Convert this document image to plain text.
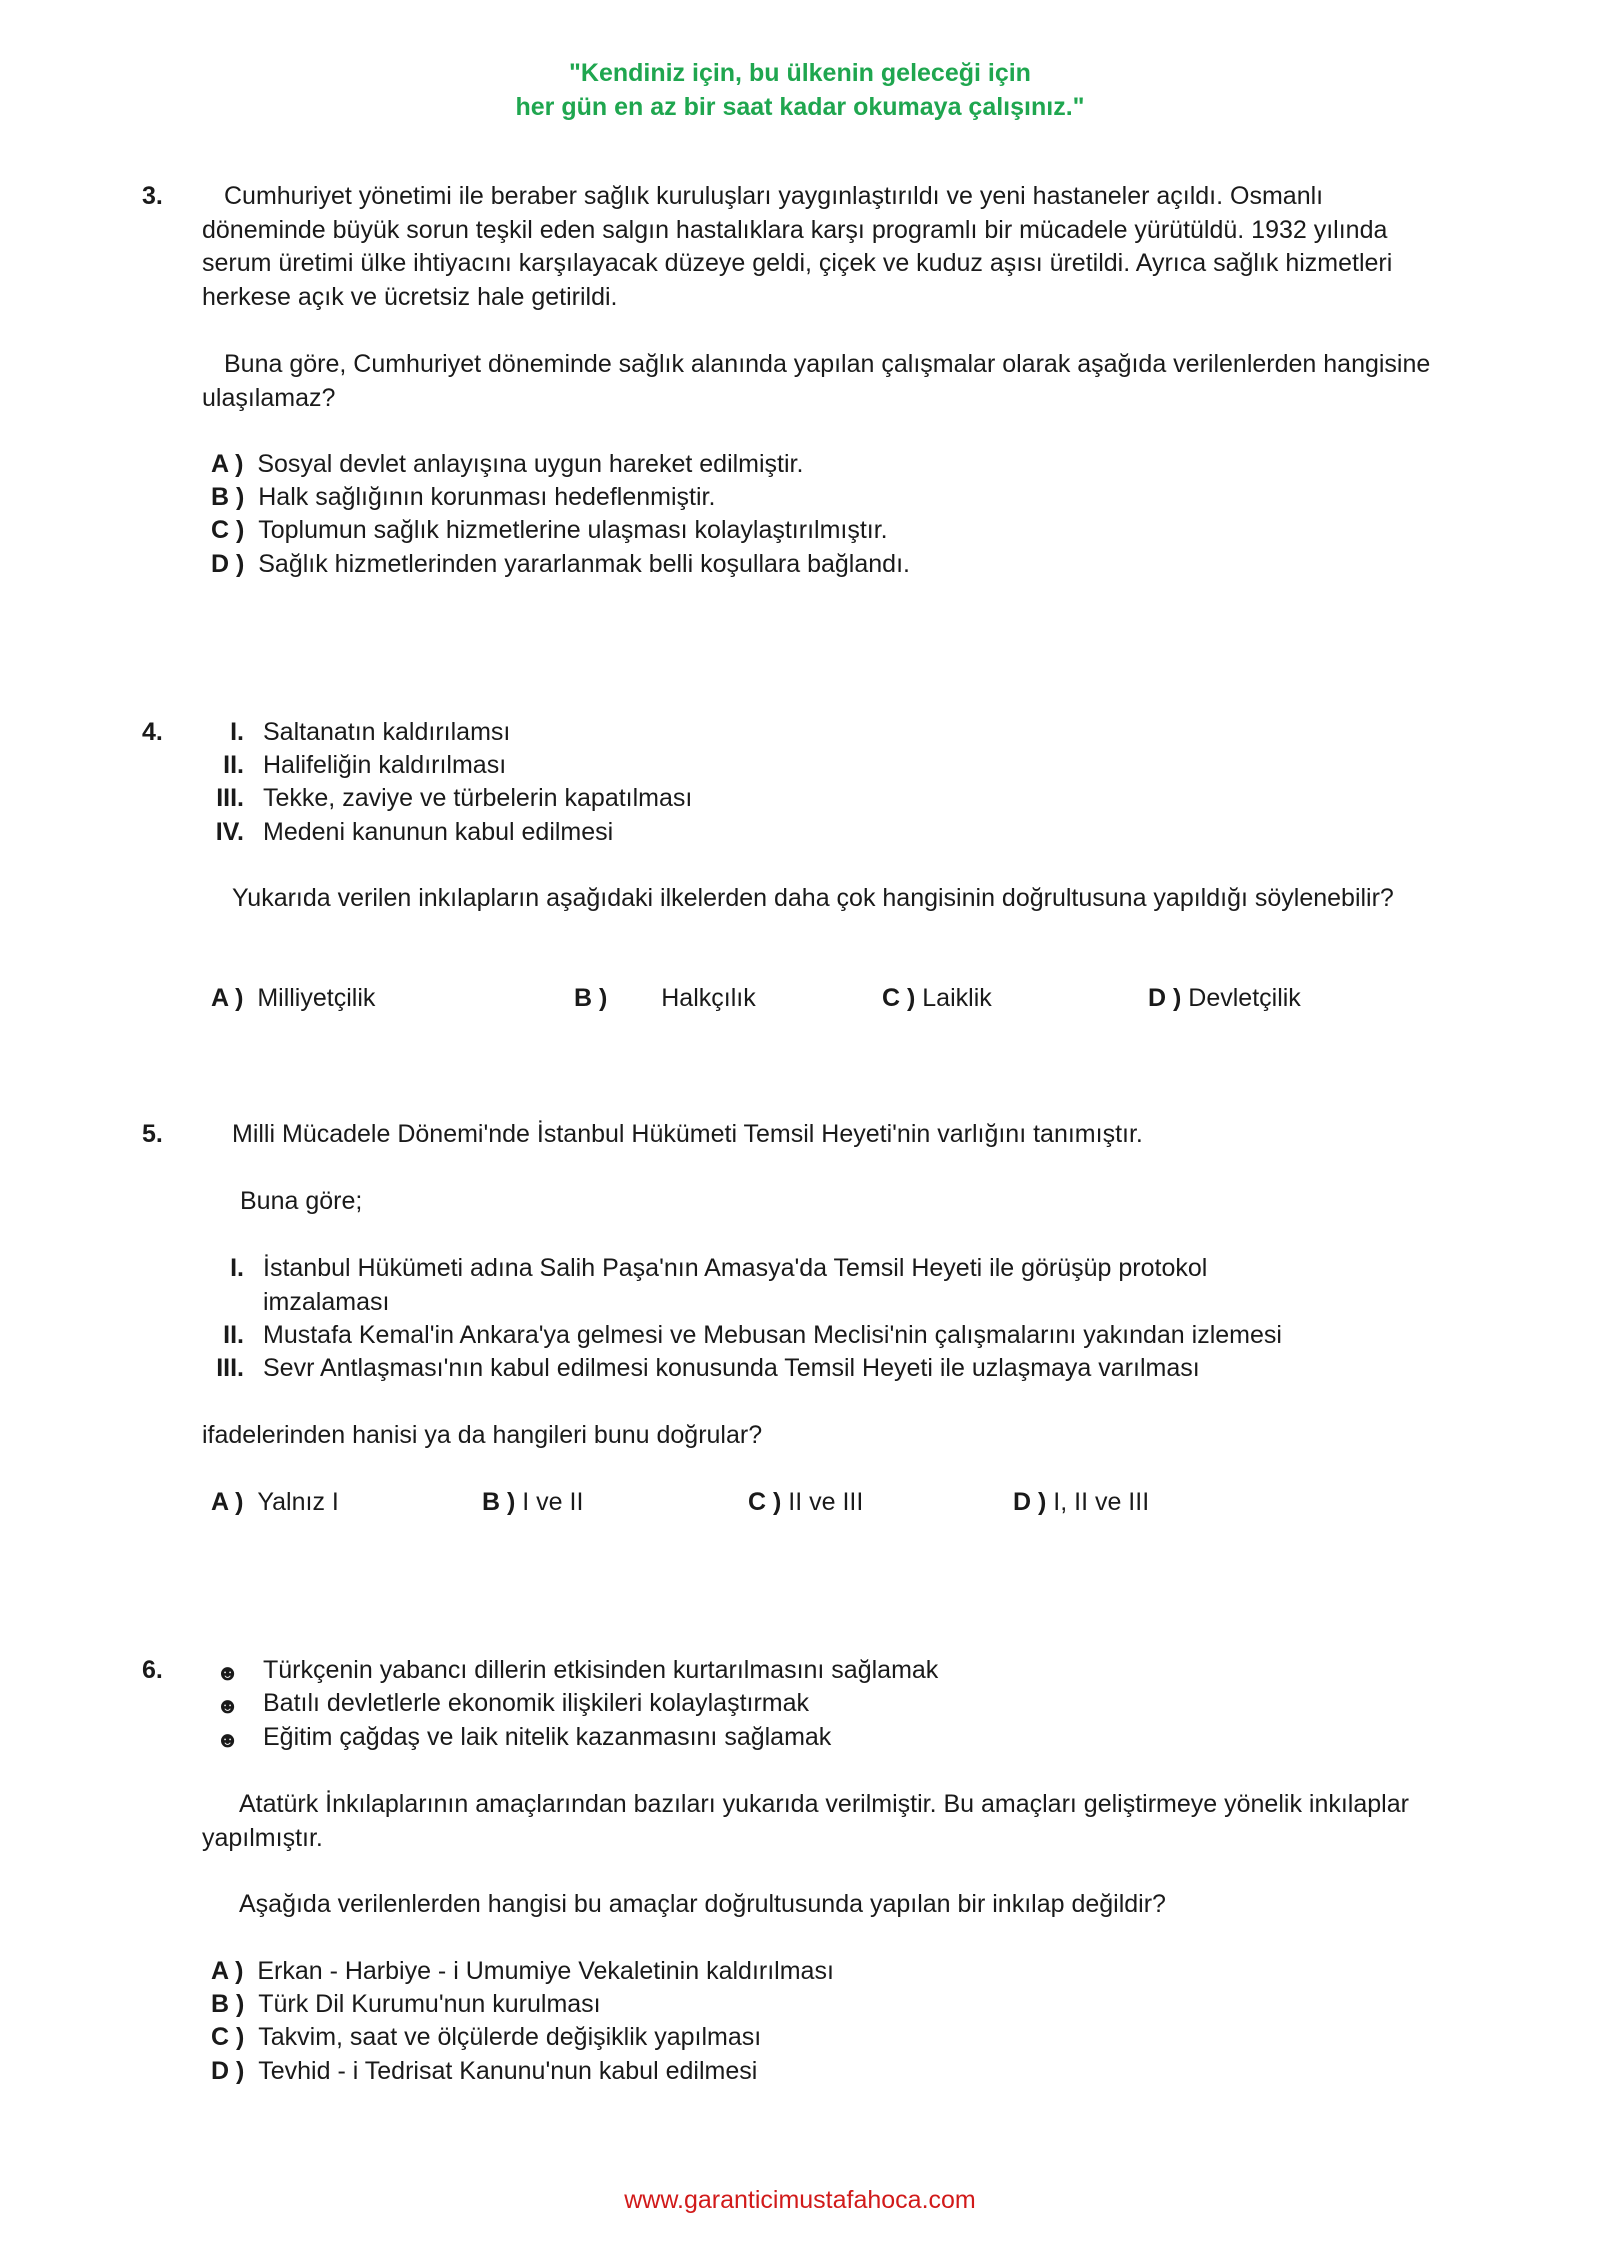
"Kendiniz için, bu ülkenin geleceği için
her gün en az bir saat kadar okumaya çalışınız."
3.	Cumhuriyet yönetimi ile beraber sağlık kuruluşları yaygınlaştırıldı ve yeni hastaneler açıldı. Osmanlı döneminde büyük sorun teşkil eden salgın hastalıklara karşı programlı bir mücadele yürütüldü. 1932 yılında serum üretimi ülke ihtiyacını karşılayacak düzeye geldi, çiçek ve kuduz aşısı üretildi. Ayrıca sağlık hizmetleri herkese açık ve ücretsiz hale getirildi.
Buna göre, Cumhuriyet döneminde sağlık alanında yapılan çalışmalar olarak aşağıda verilenlerden hangisine ulaşılamaz?
A ) Sosyal devlet anlayışına uygun hareket edilmiştir.
B ) Halk sağlığının korunması hedeflenmiştir.
C ) Toplumun sağlık hizmetlerine ulaşması kolaylaştırılmıştır.
D ) Sağlık hizmetlerinden yararlanmak belli koşullara bağlandı.
4.	I. Saltanatın kaldırılamsı
II. Halifeliğin kaldırılması
III. Tekke, zaviye ve türbelerin kapatılması
IV. Medeni kanunun kabul edilmesi
Yukarıda verilen inkılapların aşağıdaki ilkelerden daha çok hangisinin doğrultusuna yapıldığı söylenebilir?
A ) Milliyetçilik	B ) Halkçılık	C ) Laiklik	D ) Devletçilik
5.	Milli Mücadele Dönemi'nde İstanbul Hükümeti Temsil Heyeti'nin varlığını tanımıştır.
Buna göre;
I. İstanbul Hükümeti adına Salih Paşa'nın Amasya'da Temsil Heyeti ile görüşüp protokol imzalaması
II. Mustafa Kemal'in Ankara'ya gelmesi ve Mebusan Meclisi'nin çalışmalarını yakından izlemesi
III. Sevr Antlaşması'nın kabul edilmesi konusunda Temsil Heyeti ile uzlaşmaya varılması
ifadelerinden hanisi ya da hangileri bunu doğrular?
A ) Yalnız I	B ) I ve II	C ) II ve III	D ) I, II ve III
6. ☻ Türkçenin yabancı dillerin etkisinden kurtarılmasını sağlamak
☻ Batılı devletlerle ekonomik ilişkileri kolaylaştırmak
☻ Eğitim çağdaş ve laik nitelik kazanmasını sağlamak
Atatürk İnkılaplarının amaçlarından bazıları yukarıda verilmiştir. Bu amaçları geliştirmeye yönelik inkılaplar yapılmıştır.
Aşağıda verilenlerden hangisi bu amaçlar doğrultusunda yapılan bir inkılap değildir?
A ) Erkan - Harbiye - i Umumiye Vekaletinin kaldırılması
B ) Türk Dil Kurumu'nun kurulması
C ) Takvim, saat ve ölçülerde değişiklik yapılması
D ) Tevhid - i Tedrisat Kanunu'nun kabul edilmesi
www.garanticimustafahoca.com
